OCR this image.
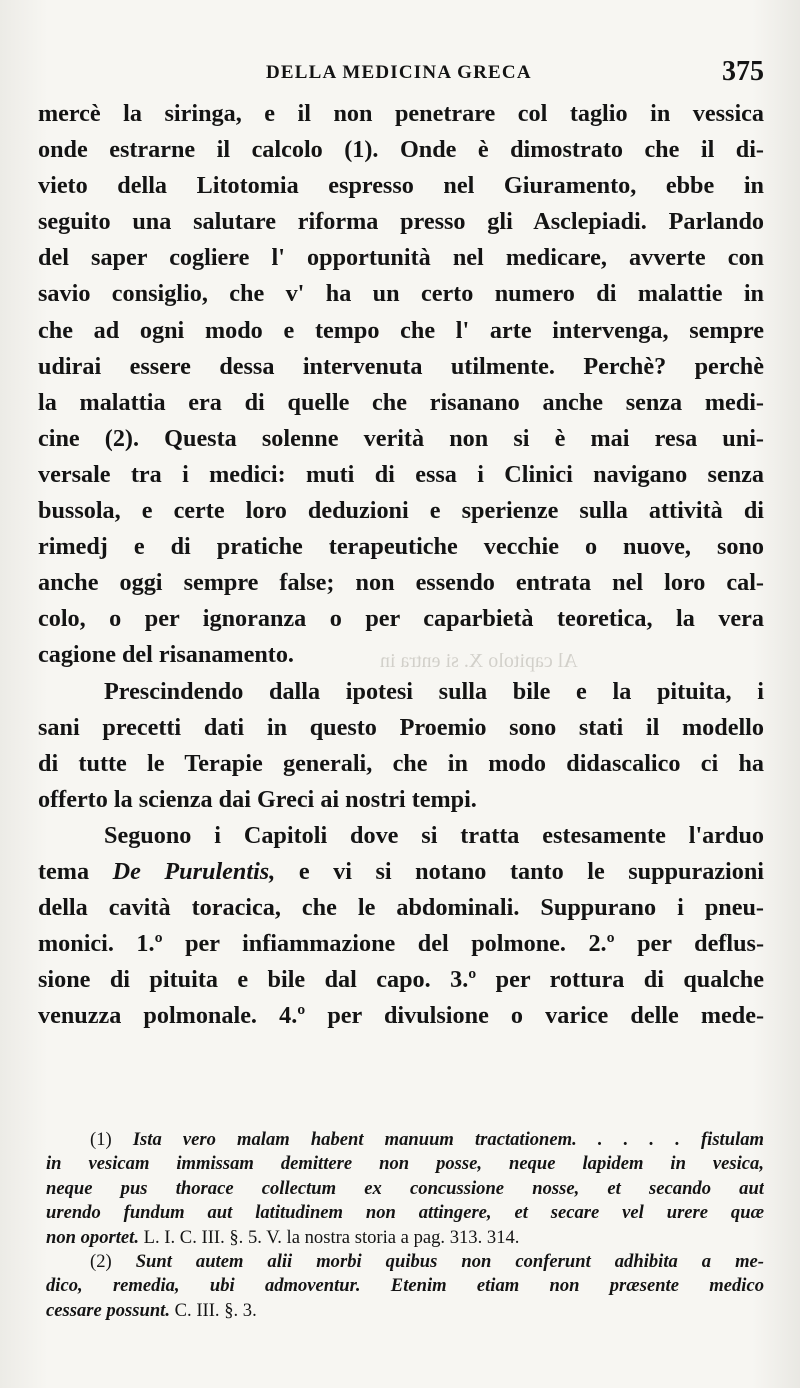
Al capitolo X. si entra in
DELLA MEDICINA GRECA	375
mercè la siringa, e il non penetrare col taglio in vessica
onde estrarne il calcolo (1). Onde è dimostrato che il di-
vieto della Litotomia espresso nel Giuramento, ebbe in
seguito una salutare riforma presso gli Asclepiadi. Parlando
del saper cogliere l' opportunità nel medicare, avverte con
savio consiglio, che v' ha un certo numero di malattie in
che ad ogni modo e tempo che l' arte intervenga, sempre
udirai essere dessa intervenuta utilmente. Perchè? perchè
la malattia era di quelle che risanano anche senza medi-
cine (2). Questa solenne verità non si è mai resa uni-
versale tra i medici: muti di essa i Clinici navigano senza
bussola, e certe loro deduzioni e sperienze sulla attività di
rimedj e di pratiche terapeutiche vecchie o nuove, sono
anche oggi sempre false; non essendo entrata nel loro cal-
colo, o per ignoranza o per caparbietà teoretica, la vera
cagione del risanamento.
Prescindendo dalla ipotesi sulla bile e la pituita, i
sani precetti dati in questo Proemio sono stati il modello
di tutte le Terapie generali, che in modo didascalico ci ha
offerto la scienza dai Greci ai nostri tempi.
Seguono i Capitoli dove si tratta estesamente l'arduo
tema De Purulentis, e vi si notano tanto le suppurazioni
della cavità toracica, che le abdominali. Suppurano i pneu-
monici. 1.º per infiammazione del polmone. 2.º per deflus-
sione di pituita e bile dal capo. 3.º per rottura di qualche
venuzza polmonale. 4.º per divulsione o varice delle mede-
(1) Ista vero malam habent manuum tractationem. . . . . fistulam
in vesicam immissam demittere non posse, neque lapidem in vesica,
neque pus thorace collectum ex concussione nosse, et secando aut
urendo fundum aut latitudinem non attingere, et secare vel urere quæ
non oportet. L. I. C. III. §. 5. V. la nostra storia a pag. 313. 314.
(2) Sunt autem alii morbi quibus non conferunt adhibita a me-
dico, remedia, ubi admoventur. Etenim etiam non præsente medico
cessare possunt. C. III. §. 3.
